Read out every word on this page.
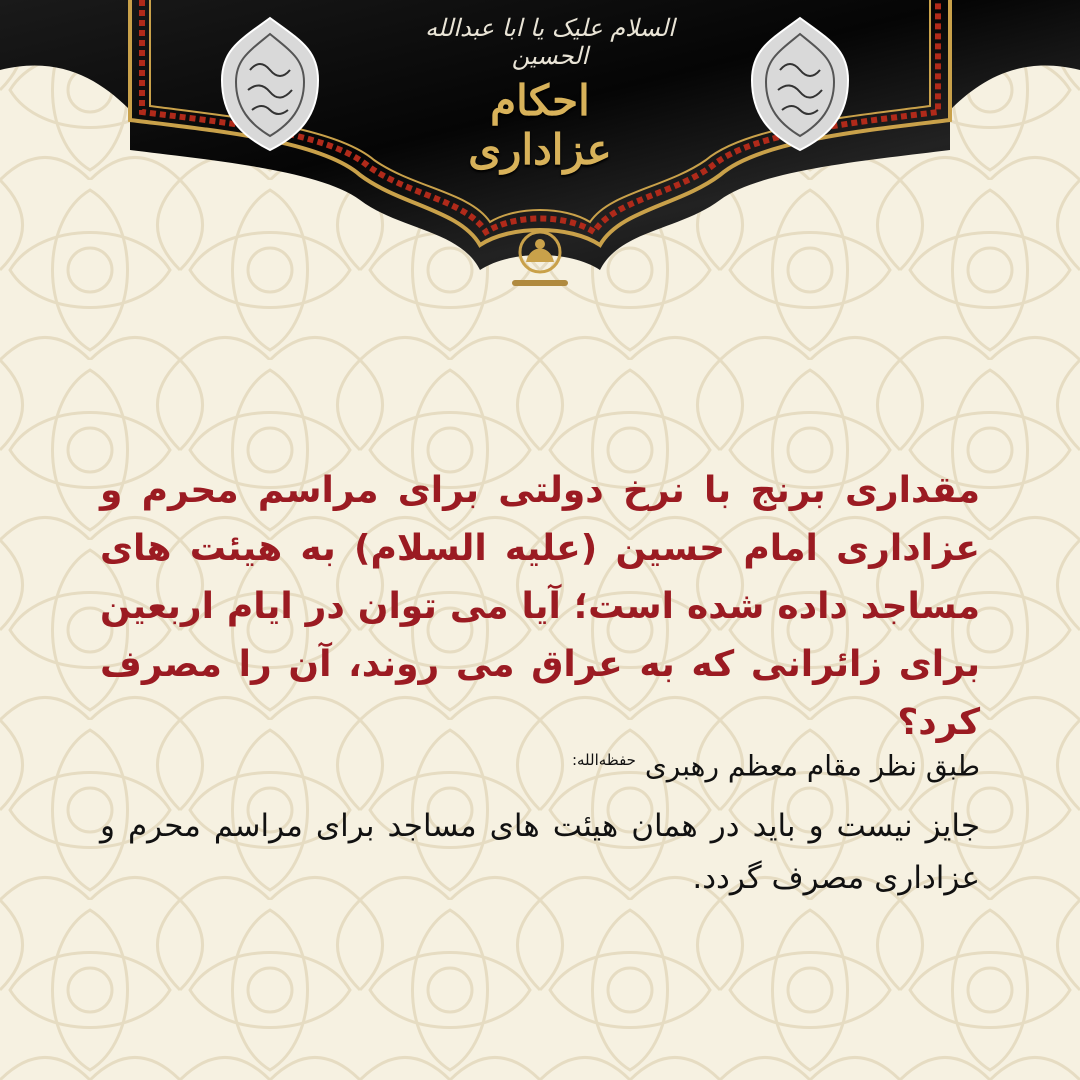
السلام علیک یا ابا عبدالله الحسین
احکام عزاداری
مقداری برنج با نرخ دولتی برای مراسم محرم و عزاداری امام حسین (علیه السلام) به هیئت های مساجد داده شده است؛ آیا می توان در ایام اربعین برای زائرانی که به عراق می روند، آن را مصرف کرد؟
طبق نظر مقام معظم رهبری $^{حفظه‌الله:}$
جایز نیست و باید در همان هیئت های مساجد برای مراسم محرم و عزاداری مصرف گردد.
